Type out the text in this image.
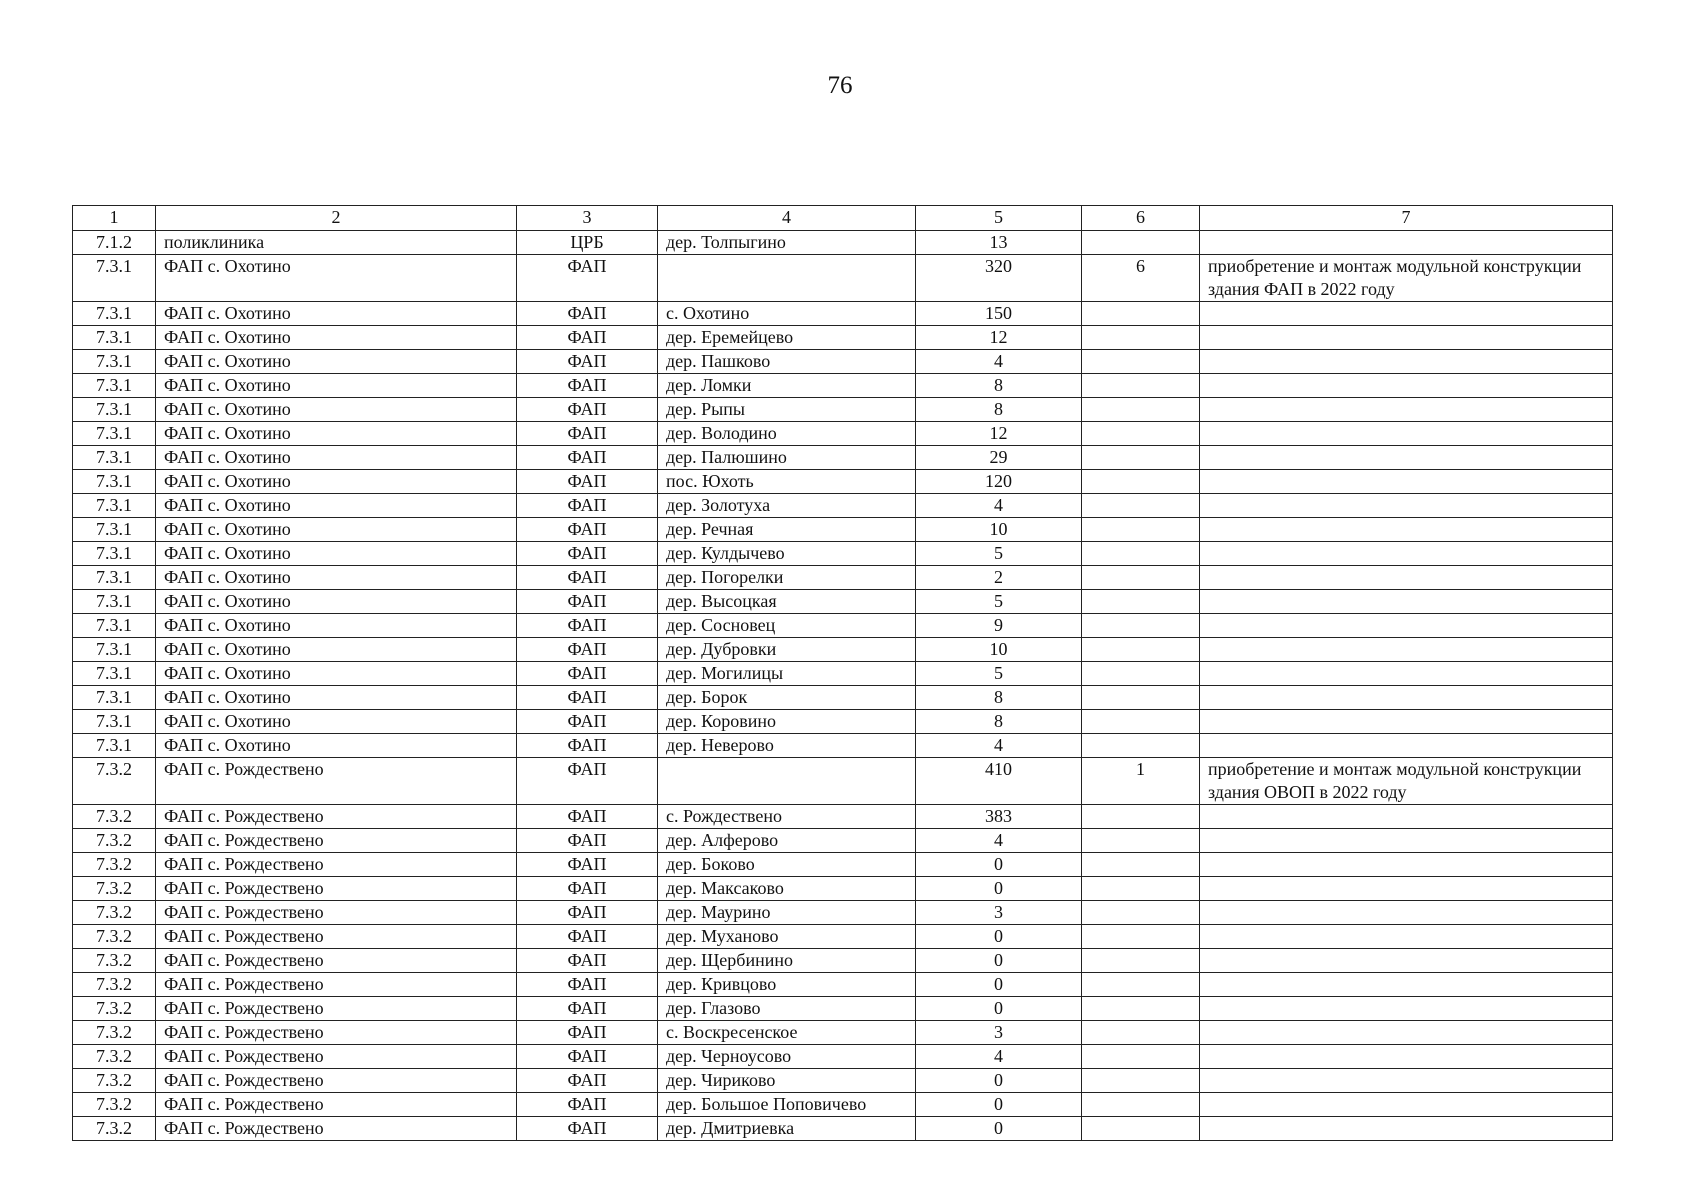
76
1	2	3	4	5	6	7
7.1.2	поликлиника	ЦРБ	дер. Толпыгино	13		
7.3.1	ФАП с. Охотино	ФАП		320	6	приобретение и монтаж модульной конструкции здания ФАП в 2022 году
7.3.1	ФАП с. Охотино	ФАП	с. Охотино	150		
7.3.1	ФАП с. Охотино	ФАП	дер. Еремейцево	12		
7.3.1	ФАП с. Охотино	ФАП	дер. Пашково	4		
7.3.1	ФАП с. Охотино	ФАП	дер. Ломки	8		
7.3.1	ФАП с. Охотино	ФАП	дер. Рыпы	8		
7.3.1	ФАП с. Охотино	ФАП	дер. Володино	12		
7.3.1	ФАП с. Охотино	ФАП	дер. Палюшино	29		
7.3.1	ФАП с. Охотино	ФАП	пос. Юхоть	120		
7.3.1	ФАП с. Охотино	ФАП	дер. Золотуха	4		
7.3.1	ФАП с. Охотино	ФАП	дер. Речная	10		
7.3.1	ФАП с. Охотино	ФАП	дер. Кулдычево	5		
7.3.1	ФАП с. Охотино	ФАП	дер. Погорелки	2		
7.3.1	ФАП с. Охотино	ФАП	дер. Высоцкая	5		
7.3.1	ФАП с. Охотино	ФАП	дер. Сосновец	9		
7.3.1	ФАП с. Охотино	ФАП	дер. Дубровки	10		
7.3.1	ФАП с. Охотино	ФАП	дер. Могилицы	5		
7.3.1	ФАП с. Охотино	ФАП	дер. Борок	8		
7.3.1	ФАП с. Охотино	ФАП	дер. Коровино	8		
7.3.1	ФАП с. Охотино	ФАП	дер. Неверово	4		
7.3.2	ФАП с. Рождествено	ФАП		410	1	приобретение и монтаж модульной конструкции здания ОВОП в 2022 году
7.3.2	ФАП с. Рождествено	ФАП	с. Рождествено	383		
7.3.2	ФАП с. Рождествено	ФАП	дер. Алферово	4		
7.3.2	ФАП с. Рождествено	ФАП	дер. Боково	0		
7.3.2	ФАП с. Рождествено	ФАП	дер. Максаково	0		
7.3.2	ФАП с. Рождествено	ФАП	дер. Маурино	3		
7.3.2	ФАП с. Рождествено	ФАП	дер. Муханово	0		
7.3.2	ФАП с. Рождествено	ФАП	дер. Щербинино	0		
7.3.2	ФАП с. Рождествено	ФАП	дер. Кривцово	0		
7.3.2	ФАП с. Рождествено	ФАП	дер. Глазово	0		
7.3.2	ФАП с. Рождествено	ФАП	с. Воскресенское	3		
7.3.2	ФАП с. Рождествено	ФАП	дер. Черноусово	4		
7.3.2	ФАП с. Рождествено	ФАП	дер. Чириково	0		
7.3.2	ФАП с. Рождествено	ФАП	дер. Большое Поповичево	0		
7.3.2	ФАП с. Рождествено	ФАП	дер. Дмитриевка	0		
